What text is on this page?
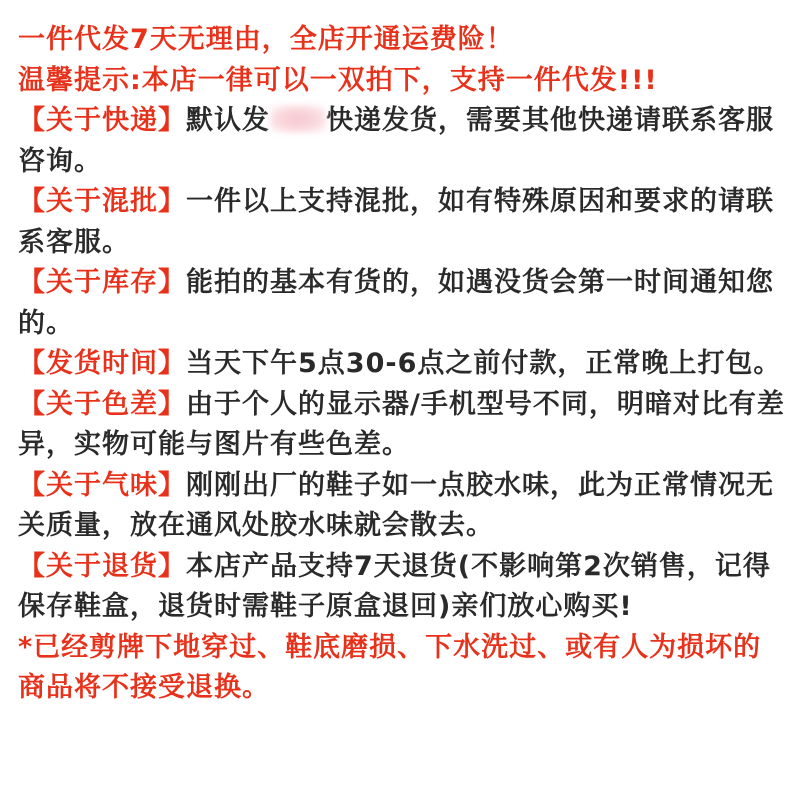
一件代发7天无理由，全店开通运费险！
温馨提示:本店一律可以一双拍下，支持一件代发!!!
【关于快递】默认发 快递发货，需要其他快递请联系客服咨询。
【关于混批】一件以上支持混批，如有特殊原因和要求的请联系客服。
【关于库存】能拍的基本有货的，如遇没货会第一时间通知您的。
【发货时间】当天下午5点30-6点之前付款，正常晚上打包。
【关于色差】由于个人的显示器/手机型号不同，明暗对比有差异，实物可能与图片有些色差。
【关于气味】刚刚出厂的鞋子如一点胶水味，此为正常情况无关质量，放在通风处胶水味就会散去。
【关于退货】本店产品支持7天退货(不影响第2次销售，记得保存鞋盒，退货时需鞋子原盒退回)亲们放心购买!
*已经剪牌下地穿过、鞋底磨损、下水洗过、或有人为损坏的商品将不接受退换。
